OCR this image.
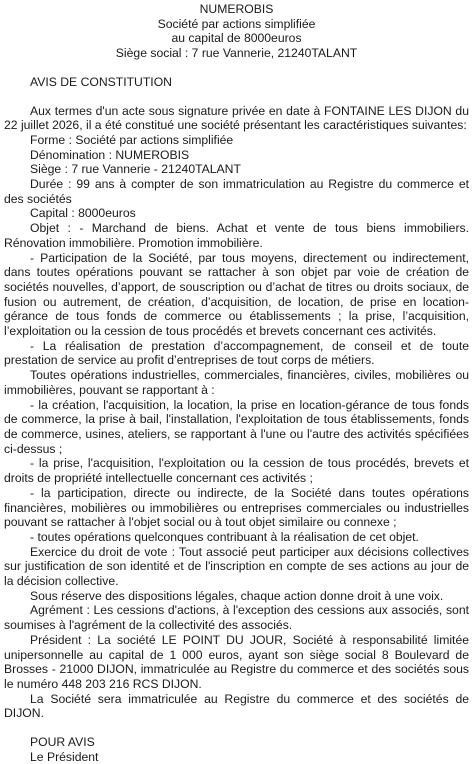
NUMEROBIS
Société par actions simplifiée
au capital de 8000euros
Siège social : 7 rue Vannerie, 21240TALANT
AVIS DE CONSTITUTION

Aux termes d'un acte sous signature privée en date à FONTAINE LES DIJON du 22 juillet 2026, il a été constitué une société présentant les caractéristiques suivantes:

Forme : Société par actions simplifiée

Dénomination : NUMEROBIS

Siège : 7 rue Vannerie - 21240TALANT

Durée : 99 ans à compter de son immatriculation au Registre du commerce et des sociétés

Capital : 8000euros

Objet : - Marchand de biens. Achat et vente de tous biens immobiliers. Rénovation immobilière. Promotion immobilière.

- Participation de la Société, par tous moyens, directement ou indirectement, dans toutes opérations pouvant se rattacher à son objet par voie de création de sociétés nouvelles, d’apport, de souscription ou d’achat de titres ou droits sociaux, de fusion ou autrement, de création, d’acquisition, de location, de prise en location-gérance de tous fonds de commerce ou établissements ; la prise, l’acquisition, l’exploitation ou la cession de tous procédés et brevets concernant ces activités.

- La réalisation de prestation d’accompagnement, de conseil et de toute prestation de service au profit d’entreprises de tout corps de métiers.

Toutes opérations industrielles, commerciales, financières, civiles, mobilières ou immobilières, pouvant se rapportant à :

- la création, l'acquisition, la location, la prise en location-gérance de tous fonds de commerce, la prise à bail, l'installation, l'exploitation de tous établissements, fonds de commerce, usines, ateliers, se rapportant à l'une ou l'autre des activités spécifiées ci-dessus ;

- la prise, l'acquisition, l'exploitation ou la cession de tous procédés, brevets et droits de propriété intellectuelle concernant ces activités ;

- la participation, directe ou indirecte, de la Société dans toutes opérations financières, mobilières ou immobilières ou entreprises commerciales ou industrielles pouvant se rattacher à l'objet social ou à tout objet similaire ou connexe ;

- toutes opérations quelconques contribuant à la réalisation de cet objet.

Exercice du droit de vote : Tout associé peut participer aux décisions collectives sur justification de son identité et de l'inscription en compte de ses actions au jour de la décision collective.

Sous réserve des dispositions légales, chaque action donne droit à une voix.

Agrément : Les cessions d'actions, à l'exception des cessions aux associés, sont soumises à l'agrément de la collectivité des associés.

Président : La société LE POINT DU JOUR, Société à responsabilité limitée unipersonnelle au capital de 1 000 euros, ayant son siège social 8 Boulevard de Brosses - 21000 DIJON, immatriculée au Registre du commerce et des sociétés sous le numéro 448 203 216 RCS DIJON.

La Société sera immatriculée au Registre du commerce et des sociétés de DIJON.

POUR AVIS

Le Président
